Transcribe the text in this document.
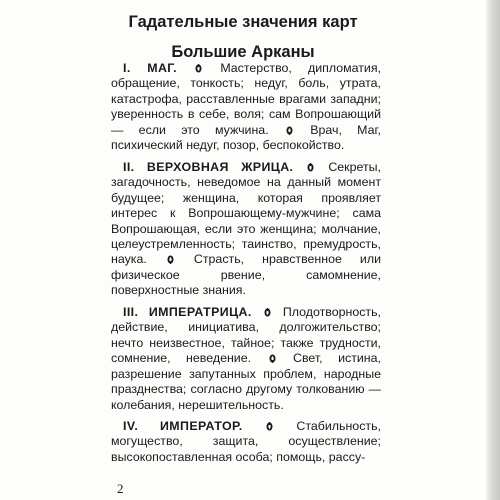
Гадательные значения карт
Большие Арканы
I. МАГ.	Мастерство, дипломатия, обращение, тонкость; недуг, боль, утрата, катастрофа, расставленные врагами западни; уверенность в себе, воля; сам Вопрошающий — если это мужчина.	Врач, Маг, психический недуг, позор, беспокойство.
II. ВЕРХОВНАЯ ЖРИЦА.	Секреты, загадочность, неведомое на данный момент будущее; женщина, которая проявляет интерес к Вопрошающему-мужчине; сама Вопрошающая, если это женщина; молчание, целеустремленность; таинство, премудрость, наука.	Страсть, нравственное или физическое рвение, самомнение, поверхностные знания.
III. ИМПЕРАТРИЦА.	Плодотворность, действие, инициатива, долгожительство; нечто неизвестное, тайное; также трудности, сомнение, неведение.	Свет, истина, разрешение запутанных проблем, народные празднества; согласно другому толкованию — колебания, нерешительность.
IV. ИМПЕРАТОР.	Стабильность, могущество, защита, осуществление; высокопоставленная особа; помощь, рассу-
2
